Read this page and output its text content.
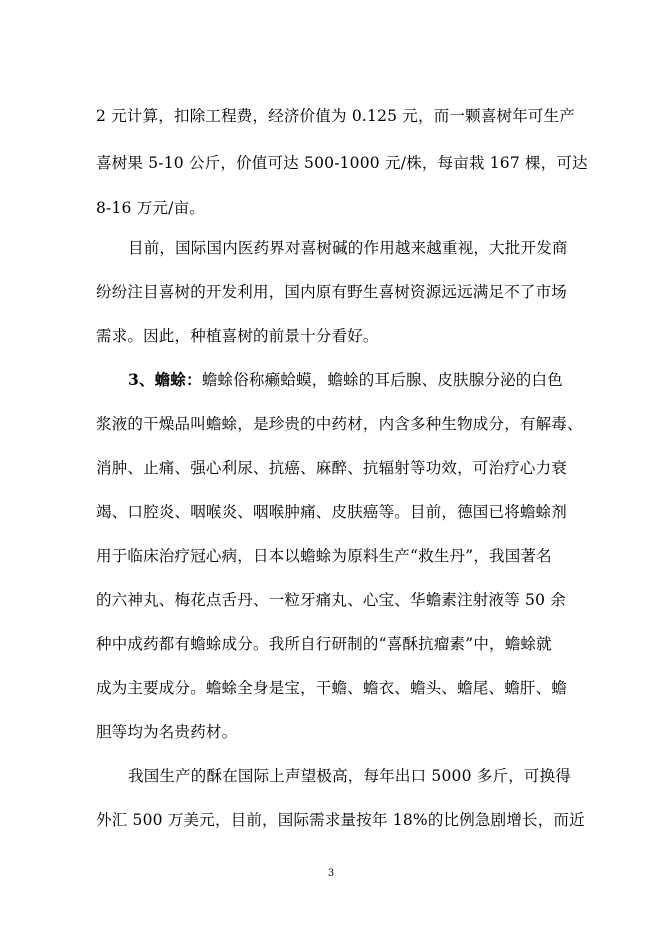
2 元计算，扣除工程费，经济价值为 0.125 元，而一颗喜树年可生产
喜树果 5-10 公斤，价值可达 500-1000 元/株，每亩栽 167 棵，可达
8-16 万元/亩。
目前，国际国内医药界对喜树碱的作用越来越重视，大批开发商
纷纷注目喜树的开发利用，国内原有野生喜树资源远远满足不了市场
需求。因此，种植喜树的前景十分看好。
3、蟾蜍：蟾蜍俗称癞蛤蟆，蟾蜍的耳后腺、皮肤腺分泌的白色
浆液的干燥品叫蟾蜍，是珍贵的中药材，内含多种生物成分，有解毒、
消肿、止痛、强心利尿、抗癌、麻醉、抗辐射等功效，可治疗心力衰
竭、口腔炎、咽喉炎、咽喉肿痛、皮肤癌等。目前，德国已将蟾蜍剂
用于临床治疗冠心病，日本以蟾蜍为原料生产“救生丹”，我国著名
的六神丸、梅花点舌丹、一粒牙痛丸、心宝、华蟾素注射液等 50 余
种中成药都有蟾蜍成分。我所自行研制的“喜酥抗瘤素”中，蟾蜍就
成为主要成分。蟾蜍全身是宝，干蟾、蟾衣、蟾头、蟾尾、蟾肝、蟾
胆等均为名贵药材。
我国生产的酥在国际上声望极高，每年出口 5000 多斤，可换得
外汇 500 万美元，目前，国际需求量按年 18%的比例急剧增长，而近
3
